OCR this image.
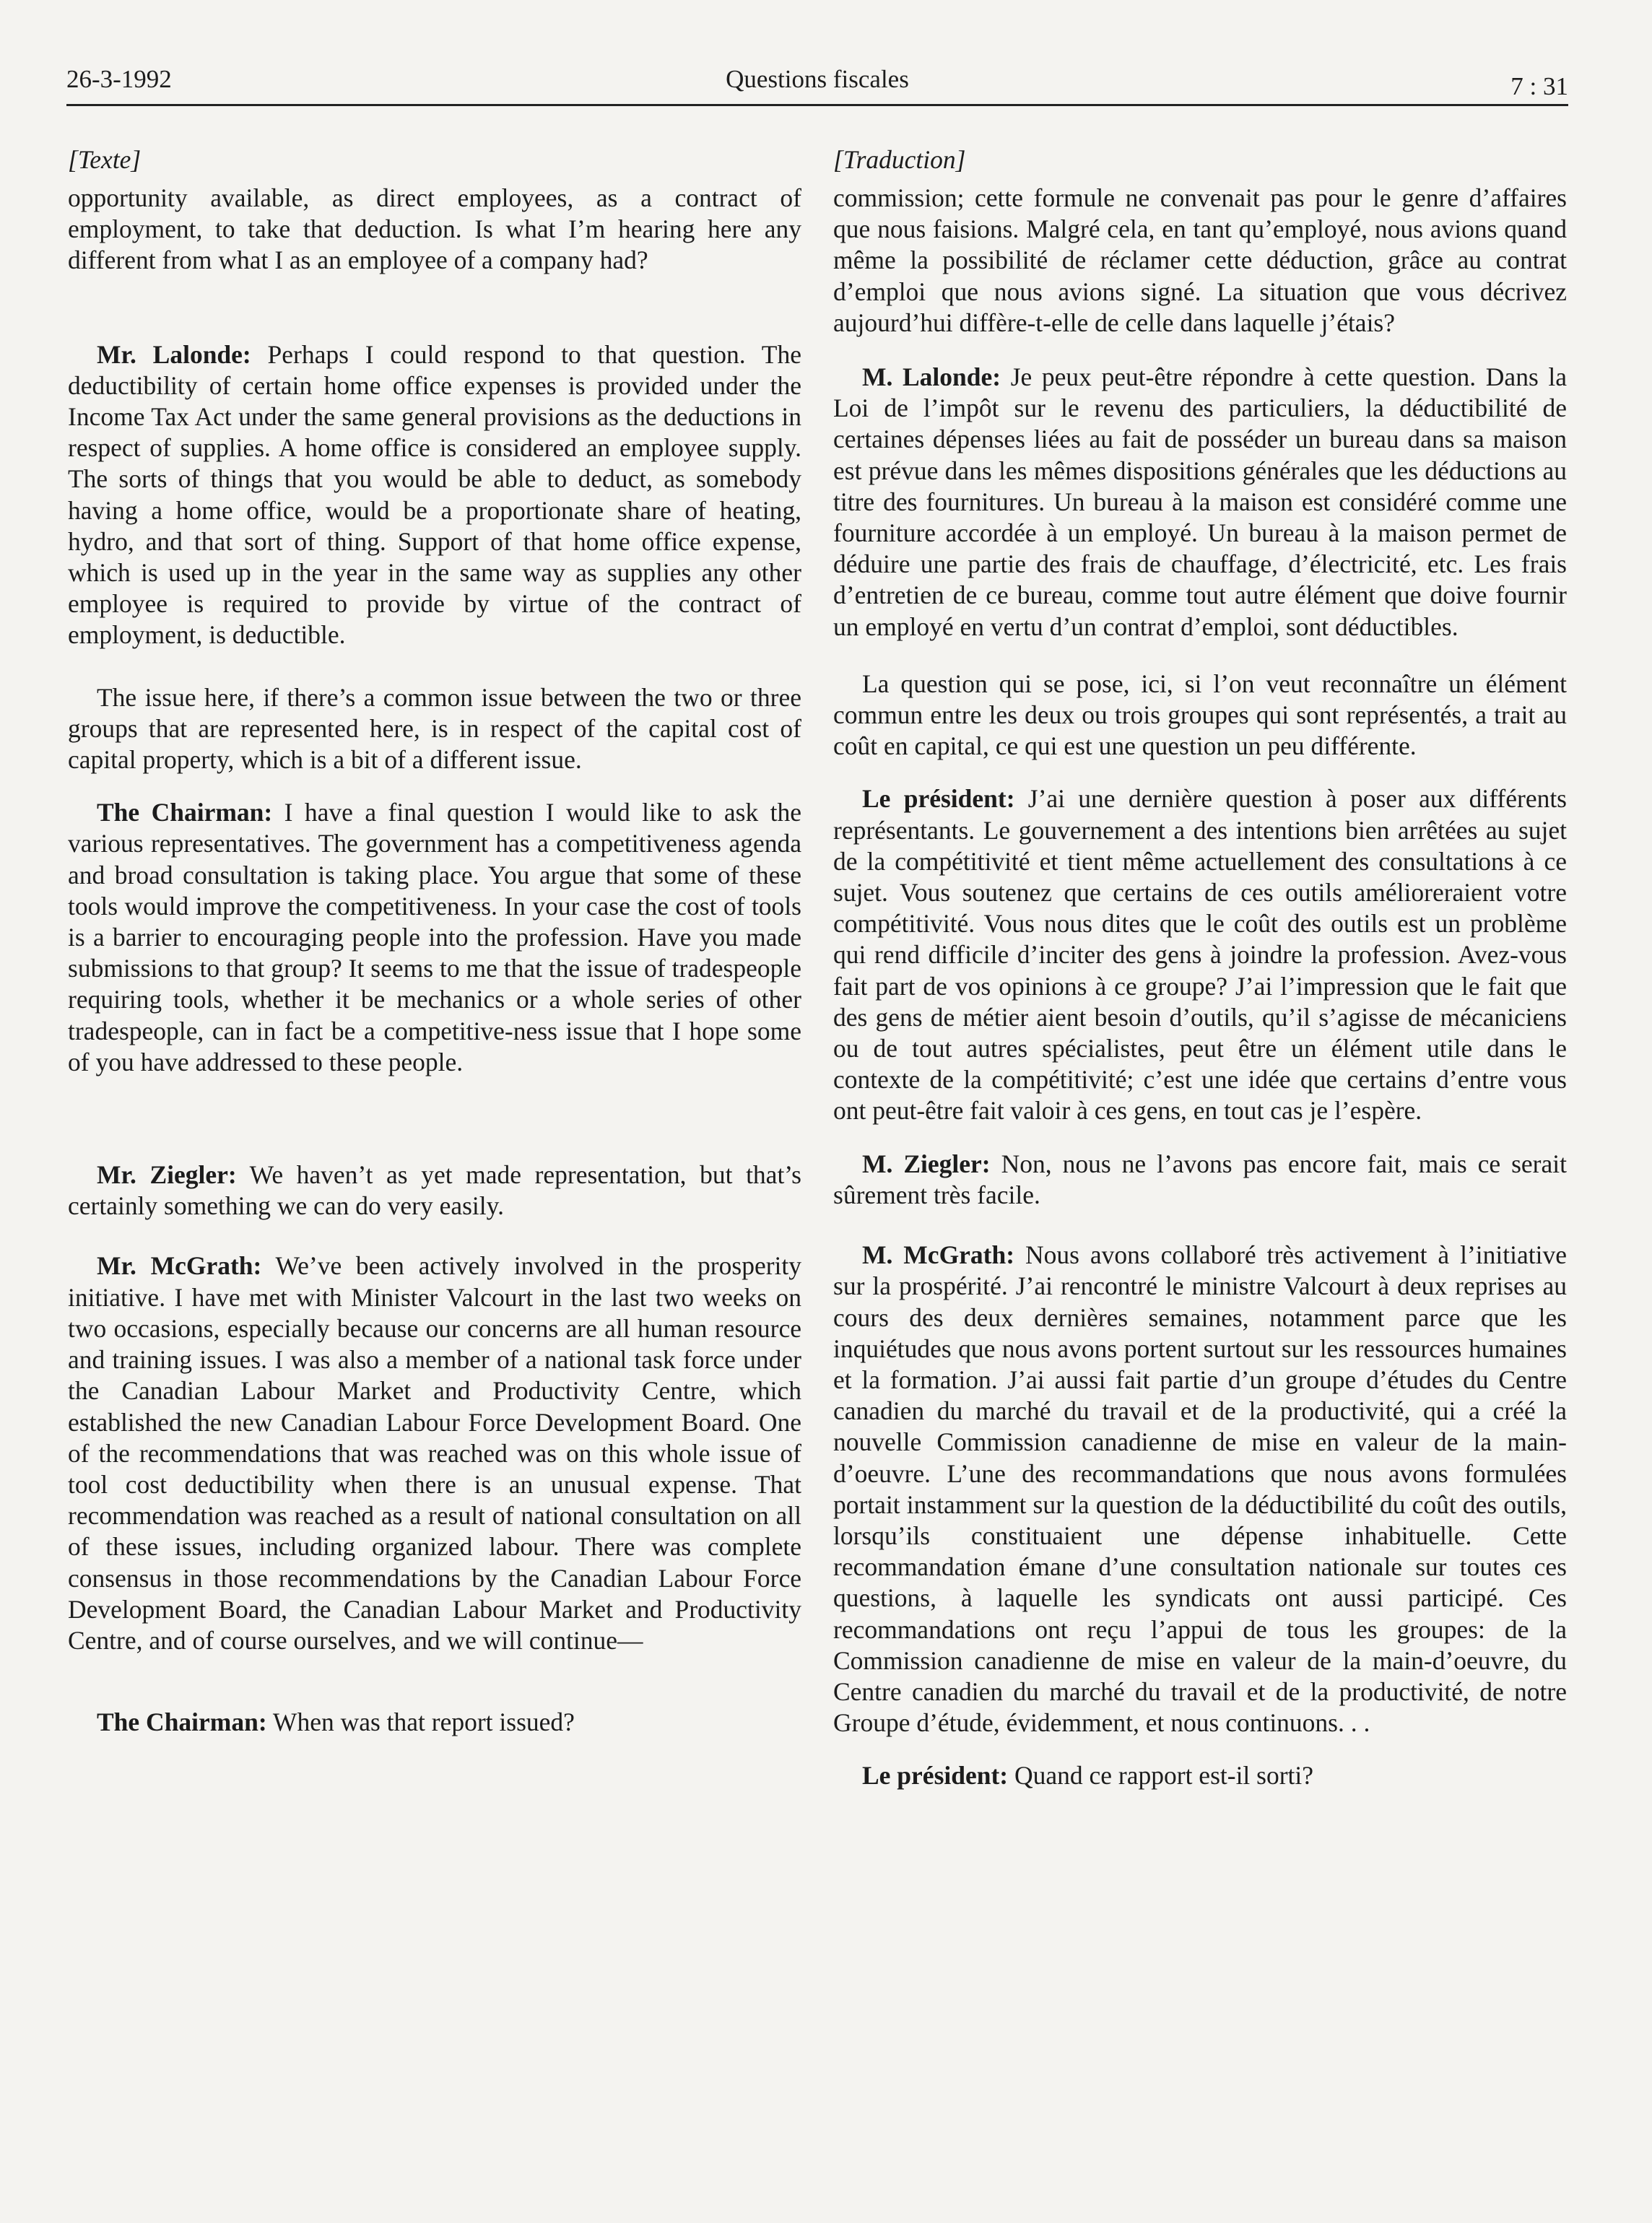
26-3-1992	Questions fiscales	7 : 31
[Texte]

opportunity available, as direct employees, as a contract of employment, to take that deduction. Is what I’m hearing here any different from what I as an employee of a company had?

Mr. Lalonde: Perhaps I could respond to that question. The deductibility of certain home office expenses is provided under the Income Tax Act under the same general provisions as the deductions in respect of supplies. A home office is considered an employee supply. The sorts of things that you would be able to deduct, as somebody having a home office, would be a proportionate share of heating, hydro, and that sort of thing. Support of that home office expense, which is used up in the year in the same way as supplies any other employee is required to provide by virtue of the contract of employment, is deductible.

The issue here, if there’s a common issue between the two or three groups that are represented here, is in respect of the capital cost of capital property, which is a bit of a different issue.

The Chairman: I have a final question I would like to ask the various representatives. The government has a competitiveness agenda and broad consultation is taking place. You argue that some of these tools would improve the competitiveness. In your case the cost of tools is a barrier to encouraging people into the profession. Have you made submissions to that group? It seems to me that the issue of tradespeople requiring tools, whether it be mechanics or a whole series of other tradespeople, can in fact be a competitive-ness issue that I hope some of you have addressed to these people.

Mr. Ziegler: We haven’t as yet made representation, but that’s certainly something we can do very easily.

Mr. McGrath: We’ve been actively involved in the prosperity initiative. I have met with Minister Valcourt in the last two weeks on two occasions, especially because our concerns are all human resource and training issues. I was also a member of a national task force under the Canadian Labour Market and Productivity Centre, which established the new Canadian Labour Force Development Board. One of the recommendations that was reached was on this whole issue of tool cost deductibility when there is an unusual expense. That recommendation was reached as a result of national consultation on all of these issues, including organized labour. There was complete consensus in those recommendations by the Canadian Labour Force Development Board, the Canadian Labour Market and Productivity Centre, and of course ourselves, and we will continue—

The Chairman: When was that report issued?

[Traduction]

commission; cette formule ne convenait pas pour le genre d’affaires que nous faisions. Malgré cela, en tant qu’employé, nous avions quand même la possibilité de réclamer cette déduction, grâce au contrat d’emploi que nous avions signé. La situation que vous décrivez aujourd’hui diffère-t-elle de celle dans laquelle j’étais?

M. Lalonde: Je peux peut-être répondre à cette question. Dans la Loi de l’impôt sur le revenu des particuliers, la déductibilité de certaines dépenses liées au fait de posséder un bureau dans sa maison est prévue dans les mêmes dispositions générales que les déductions au titre des fournitures. Un bureau à la maison est considéré comme une fourniture accordée à un employé. Un bureau à la maison permet de déduire une partie des frais de chauffage, d’électricité, etc. Les frais d’entretien de ce bureau, comme tout autre élément que doive fournir un employé en vertu d’un contrat d’emploi, sont déductibles.

La question qui se pose, ici, si l’on veut reconnaître un élément commun entre les deux ou trois groupes qui sont représentés, a trait au coût en capital, ce qui est une question un peu différente.

Le président: J’ai une dernière question à poser aux différents représentants. Le gouvernement a des intentions bien arrêtées au sujet de la compétitivité et tient même actuellement des consultations à ce sujet. Vous soutenez que certains de ces outils amélioreraient votre compétitivité. Vous nous dites que le coût des outils est un problème qui rend difficile d’inciter des gens à joindre la profession. Avez-vous fait part de vos opinions à ce groupe? J’ai l’impression que le fait que des gens de métier aient besoin d’outils, qu’il s’agisse de mécaniciens ou de tout autres spécialistes, peut être un élément utile dans le contexte de la compétitivité; c’est une idée que certains d’entre vous ont peut-être fait valoir à ces gens, en tout cas je l’espère.

M. Ziegler: Non, nous ne l’avons pas encore fait, mais ce serait sûrement très facile.

M. McGrath: Nous avons collaboré très activement à l’initiative sur la prospérité. J’ai rencontré le ministre Valcourt à deux reprises au cours des deux dernières semaines, notamment parce que les inquiétudes que nous avons portent surtout sur les ressources humaines et la formation. J’ai aussi fait partie d’un groupe d’études du Centre canadien du marché du travail et de la productivité, qui a créé la nouvelle Commission canadienne de mise en valeur de la main-d’oeuvre. L’une des recommandations que nous avons formulées portait instamment sur la question de la déductibilité du coût des outils, lorsqu’ils constituaient une dépense inhabituelle. Cette recommandation émane d’une consultation nationale sur toutes ces questions, à laquelle les syndicats ont aussi participé. Ces recommandations ont reçu l’appui de tous les groupes: de la Commission canadienne de mise en valeur de la main-d’oeuvre, du Centre canadien du marché du travail et de la productivité, de notre Groupe d’étude, évidemment, et nous continuons. . .

Le président: Quand ce rapport est-il sorti?
